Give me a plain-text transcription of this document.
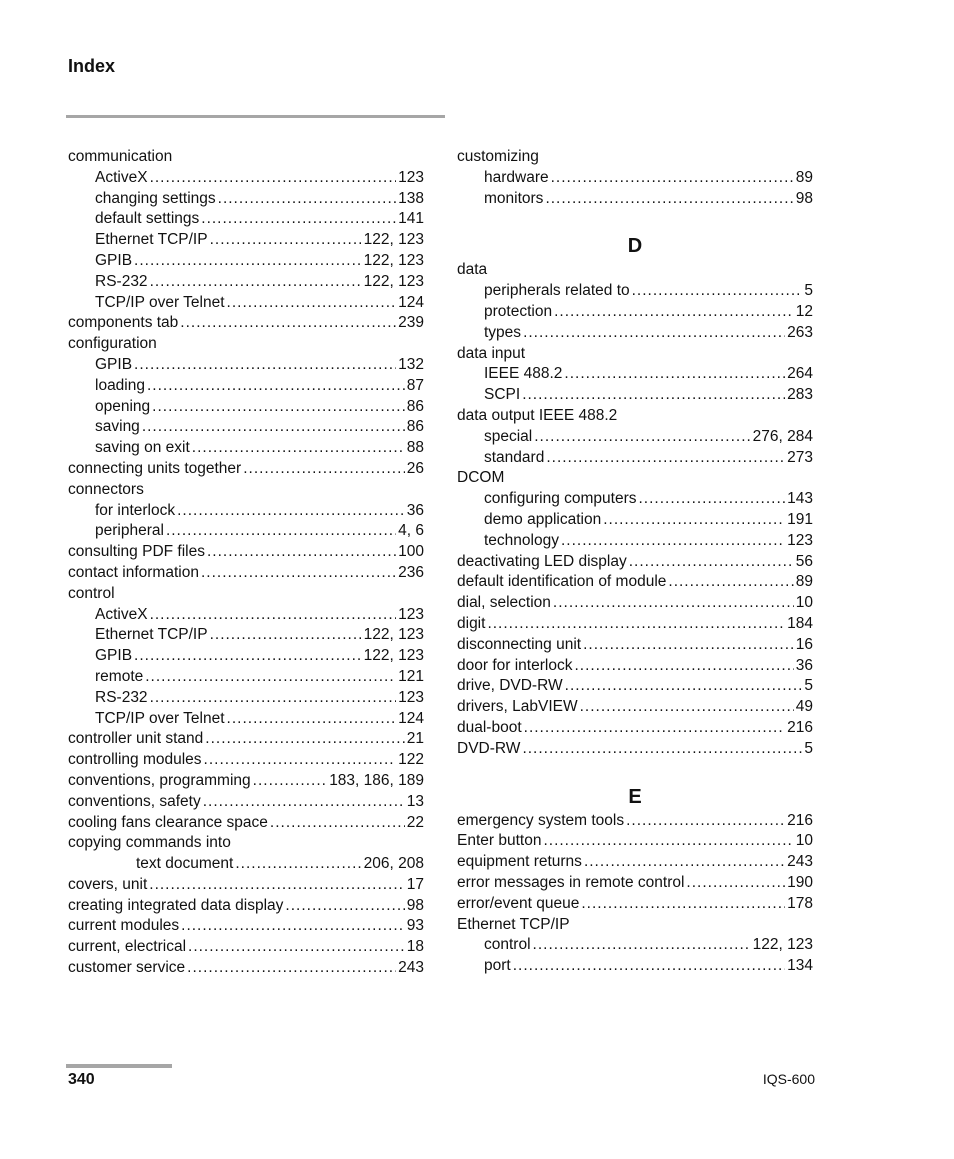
Index
communication
ActiveX .....	123
changing settings .....	138
default settings .....	141
Ethernet TCP/IP .....	122, 123
GPIB .....	122, 123
RS-232 .....	122, 123
TCP/IP over Telnet .....	124
components tab .....	239
configuration
GPIB .....	132
loading .....	87
opening .....	86
saving .....	86
saving on exit .....	88
connecting units together .....	26
connectors
for interlock .....	36
peripheral .....	4, 6
consulting PDF files .....	100
contact information .....	236
control
ActiveX .....	123
Ethernet TCP/IP .....	122, 123
GPIB .....	122, 123
remote .....	121
RS-232 .....	123
TCP/IP over Telnet .....	124
controller unit stand .....	21
controlling modules .....	122
conventions, programming .....	183, 186, 189
conventions, safety .....	13
cooling fans clearance space .....	22
copying commands into
text document .....	206, 208
covers, unit .....	17
creating integrated data display .....	98
current modules .....	93
current, electrical .....	18
customer service .....	243
customizing
hardware .....	89
monitors .....	98
D
data
peripherals related to .....	5
protection .....	12
types .....	263
data input
IEEE 488.2 .....	264
SCPI .....	283
data output IEEE 488.2
special .....	276, 284
standard .....	273
DCOM
configuring computers .....	143
demo application .....	191
technology .....	123
deactivating LED display .....	56
default identification of module .....	89
dial, selection .....	10
digit .....	184
disconnecting unit .....	16
door for interlock .....	36
drive, DVD-RW .....	5
drivers, LabVIEW .....	49
dual-boot .....	216
DVD-RW .....	5
E
emergency system tools .....	216
Enter button .....	10
equipment returns .....	243
error messages in remote control .....	190
error/event queue .....	178
Ethernet TCP/IP
control .....	122, 123
port .....	134
340	IQS-600
